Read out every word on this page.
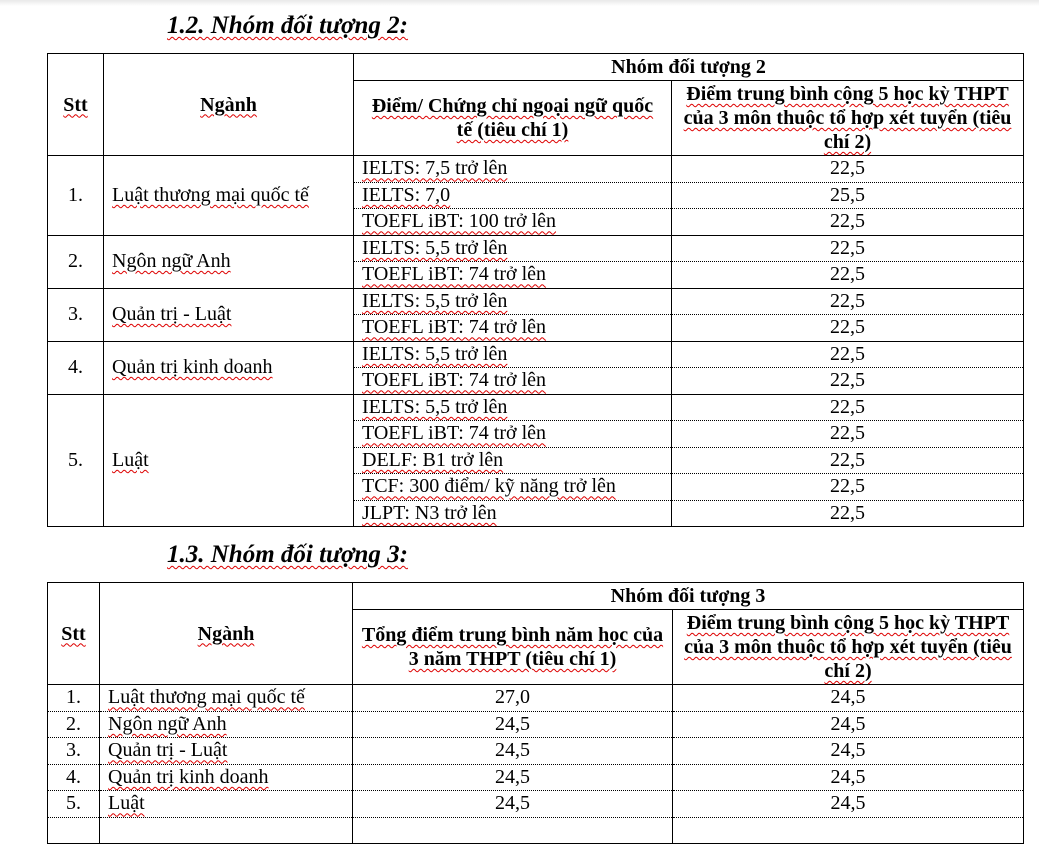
1.2. Nhóm đối tượng 2:
Stt	Ngành	Nhóm đối tượng 2	
		Điểm/ Chứng chỉ ngoại ngữ quốc tế (tiêu chí 1)	Điểm trung bình cộng 5 học kỳ THPT của 3 môn thuộc tổ hợp xét tuyển (tiêu chí 2)
1.	Luật thương mại quốc tế	IELTS: 7,5 trở lên	22,5
		IELTS: 7,0	25,5
		TOEFL iBT: 100 trở lên	22,5
2.	Ngôn ngữ Anh	IELTS: 5,5 trở lên	22,5
		TOEFL iBT: 74 trở lên	22,5
3.	Quản trị - Luật	IELTS: 5,5 trở lên	22,5
		TOEFL iBT: 74 trở lên	22,5
4.	Quản trị kinh doanh	IELTS: 5,5 trở lên	22,5
		TOEFL iBT: 74 trở lên	22,5
5.	Luật	IELTS: 5,5 trở lên	22,5
		TOEFL iBT: 74 trở lên	22,5
		DELF: B1 trở lên	22,5
		TCF: 300 điểm/ kỹ năng trở lên	22,5
		JLPT: N3 trở lên	22,5
1.3. Nhóm đối tượng 3:
Stt	Ngành	Nhóm đối tượng 3	
		Tổng điểm trung bình năm học của 3 năm THPT (tiêu chí 1)	Điểm trung bình cộng 5 học kỳ THPT của 3 môn thuộc tổ hợp xét tuyển (tiêu chí 2)
1.	Luật thương mại quốc tế	27,0	24,5
2.	Ngôn ngữ Anh	24,5	24,5
3.	Quản trị - Luật	24,5	24,5
4.	Quản trị kinh doanh	24,5	24,5
5.	Luật	24,5	24,5
